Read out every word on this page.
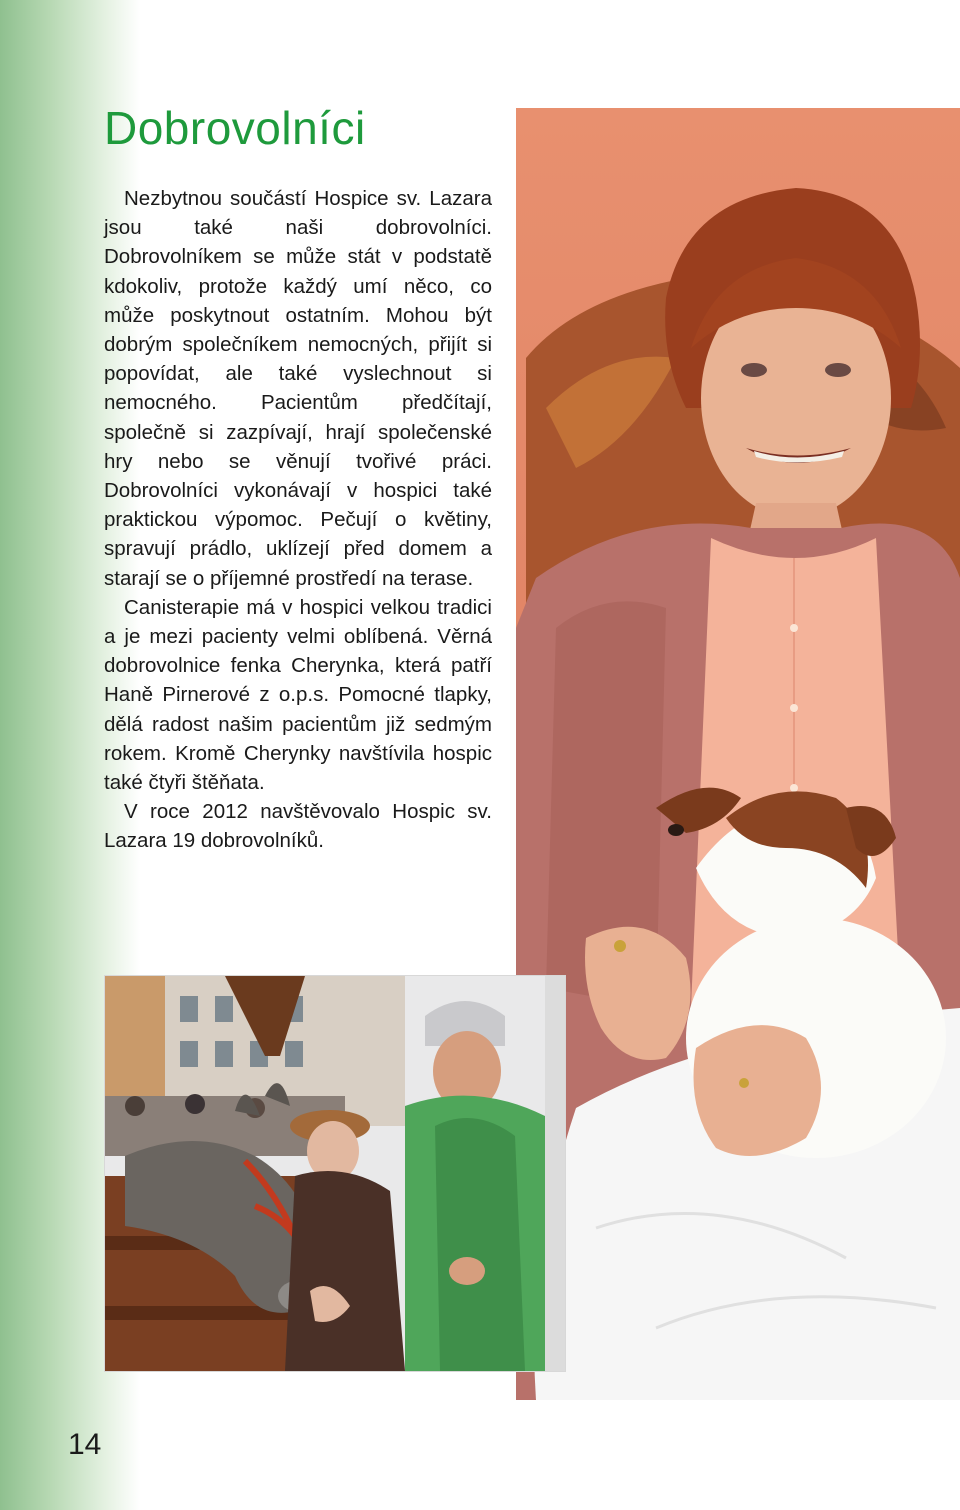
Dobrovolníci

Nezbytnou součástí Hospice sv. Lazara jsou také naši dobrovolníci. Dobrovolníkem se může stát v podstatě kdokoliv, protože každý umí něco, co může poskytnout ostatním. Mohou být dobrým společníkem nemocných, přijít si popovídat, ale také vyslechnout si nemocného. Pacientům předčítají, společně si zazpívají, hrají společenské hry nebo se věnují tvořivé práci. Dobrovolníci vykonávají v hospici také praktickou výpomoc. Pečují o květiny, spravují prádlo, uklízejí před domem a starají se o příjemné prostředí na terase.

Canisterapie má v hospici velkou tradici a je mezi pacienty velmi oblíbená. Věrná dobrovolnice fenka Cherynka, která patří Haně Pirnerové z o.p.s. Pomocné tlapky, dělá radost našim pacientům již sedmým rokem. Kromě Cherynky navštívila hospic také čtyři štěňata.

V roce 2012 navštěvovalo Hospic sv. Lazara 19 dobrovolníků.

14
